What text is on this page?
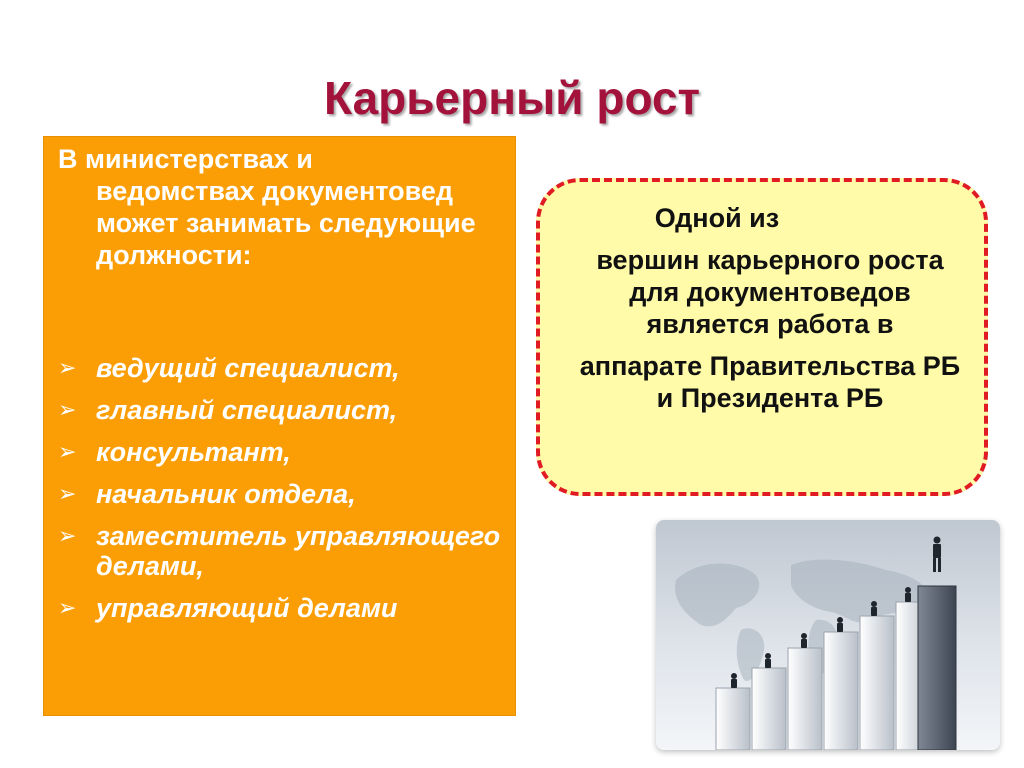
Карьерный рост
В министерствах и
ведомствах документовед может занимать следующие должности:
➢ ведущий специалист,
➢ главный специалист,
➢ консультант,
➢ начальник отдела,
➢ заместитель управляющего делами,
➢ управляющий делами
Одной из
вершин карьерного роста для документоведов является работа в
аппарате Правительства РБ и Президента РБ
